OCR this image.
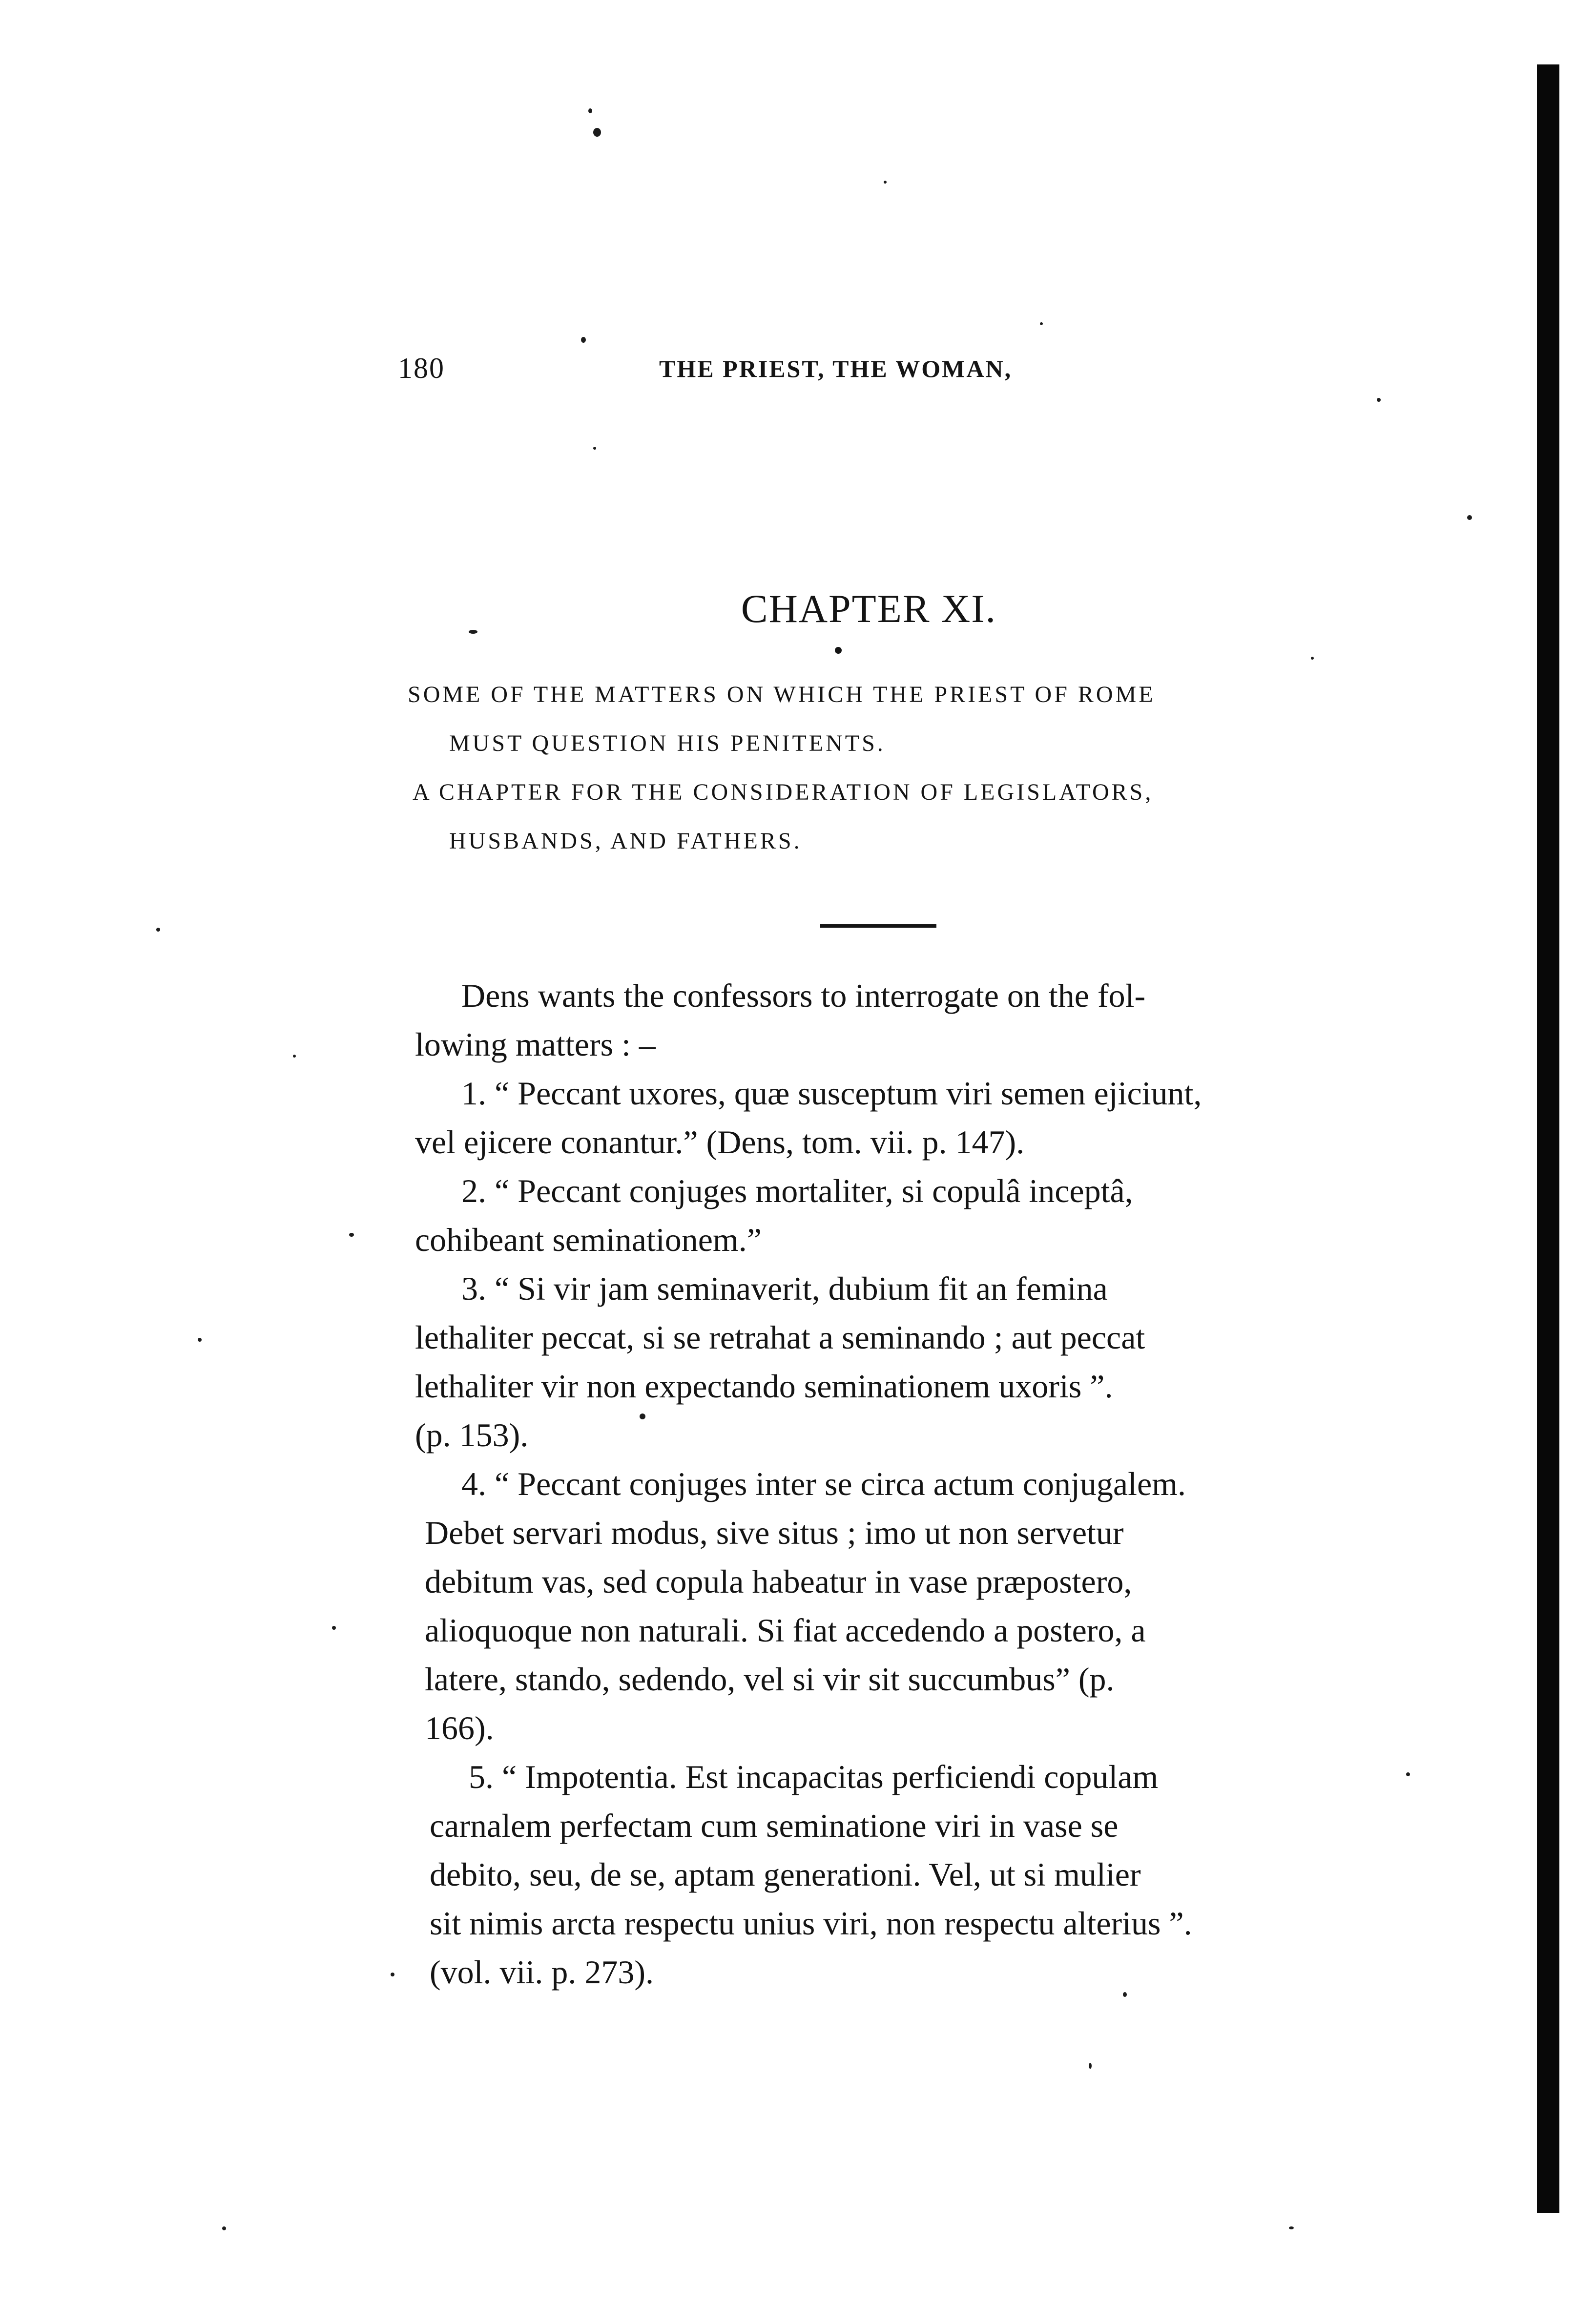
180	THE PRIEST, THE WOMAN,
CHAPTER XI.
SOME OF THE MATTERS ON WHICH THE PRIEST OF ROME
MUST QUESTION HIS PENITENTS.
A CHAPTER FOR THE CONSIDERATION OF LEGISLATORS,
HUSBANDS, AND FATHERS.
Dens wants the confessors to interrogate on the fol-
lowing matters : –
1. “ Peccant uxores, quæ susceptum viri semen ejiciunt,
vel ejicere conantur.” (Dens, tom. vii. p. 147).
2. “ Peccant conjuges mortaliter, si copulâ inceptâ,
cohibeant seminationem.”
3. “ Si vir jam seminaverit, dubium fit an femina
lethaliter peccat, si se retrahat a seminando ; aut peccat
lethaliter vir non expectando seminationem uxoris ”.
(p. 153).
4. “ Peccant conjuges inter se circa actum conjugalem.
Debet servari modus, sive situs ; imo ut non servetur
debitum vas, sed copula habeatur in vase præpostero,
alioquoque non naturali. Si fiat accedendo a postero, a
latere, stando, sedendo, vel si vir sit succumbus” (p.
166).
5. “ Impotentia. Est incapacitas perficiendi copulam
carnalem perfectam cum seminatione viri in vase se
debito, seu, de se, aptam generationi. Vel, ut si mulier
sit nimis arcta respectu unius viri, non respectu alterius ”.
(vol. vii. p. 273).
